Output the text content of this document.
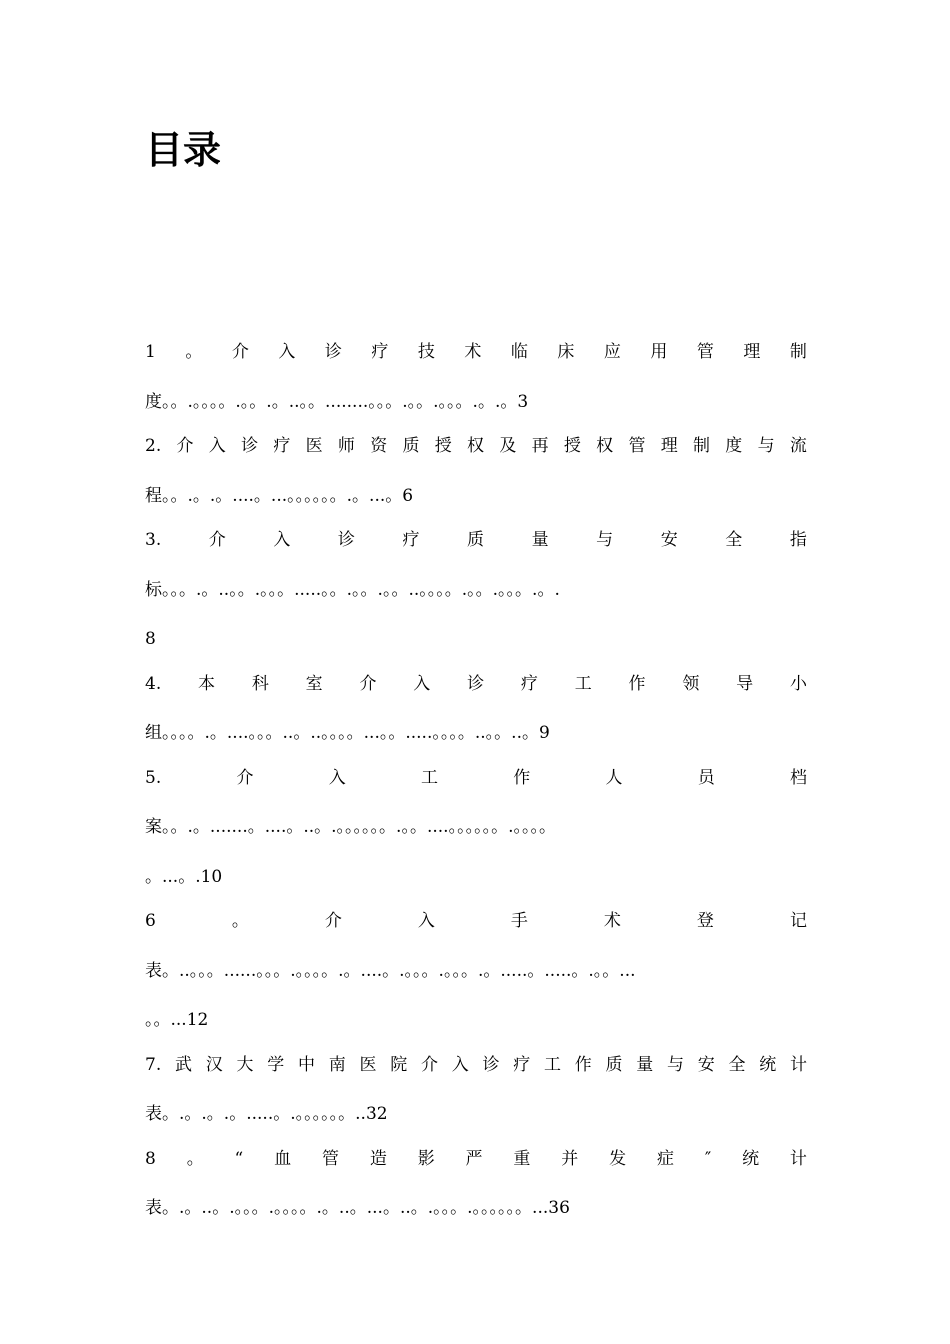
目录
1 。 介 入 诊 疗 技 术 临 床 应 用 管 理 制
度。。.。。。。.。。.。..。。........。。。.。。.。。。.。.。3
2. 介 入 诊 疗 医 师 资 质 授 权 及 再 授 权 管 理 制 度 与 流
程。。.。.。....。...。。。。。。.。...。6
3.	介	入	诊	疗	质	量	与	安	全	指
标。。。.。..。。.。。。.....。。.。。.。。..。。。。.。。.。。。.。.
8
4. 本 科 室 介 入 诊 疗 工 作 领 导 小
组。。。。.。....。。。..。..。。。。...。。.....。。。。..。。..。9
5.	介	入	工	作	人	员	档
案。。.。.......。....。..。.。。。。。。.。。....。。。。。。.。。。。
。...。.10
6	。	介	入	手	术	登	记
表。..。。。......。。。.。。。。.。....。.。。。.。。。.。.....。.....。.。。...
。。...12
7. 武 汉 大 学 中 南 医 院 介 入 诊 疗 工 作 质 量 与 安 全 统 计
表。.。.。.。.....。.。。。。。。..32
8 。 “ 血 管 造 影 严 重 并 发 症 ″ 统 计
表。.。..。.。。。.。。。。.。..。...。..。.。。。.。。。。。。...36
